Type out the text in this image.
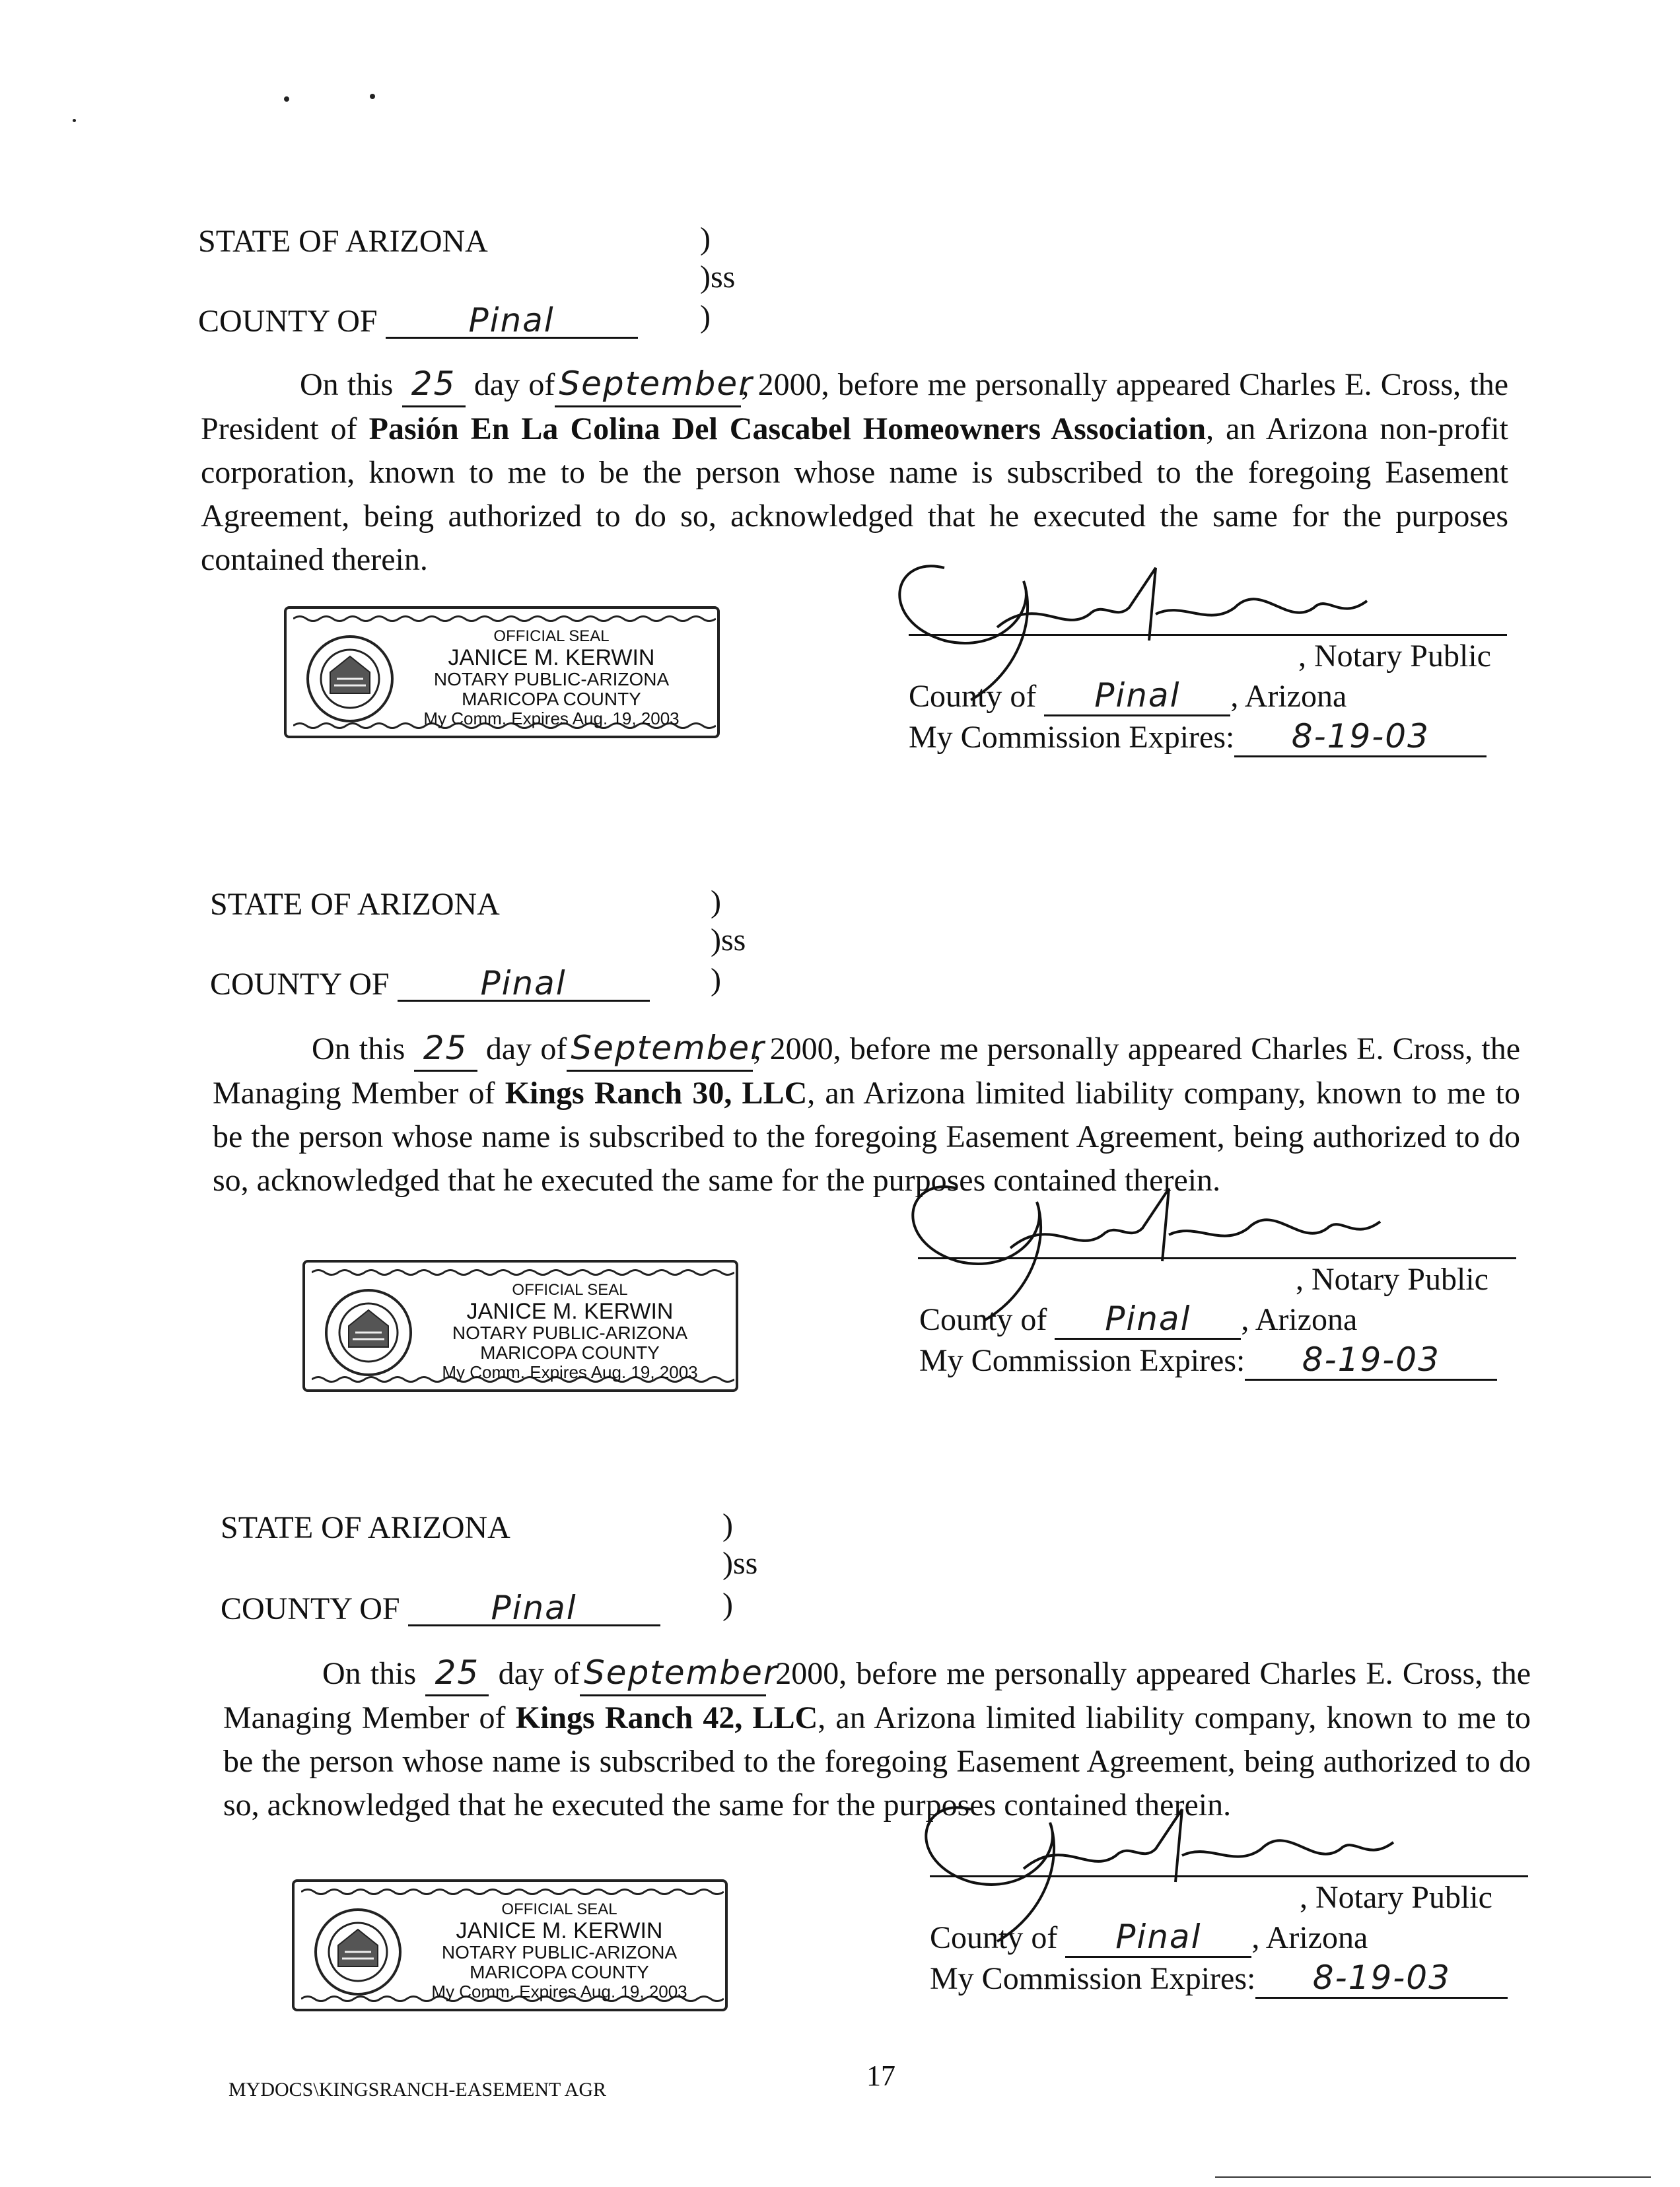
STATE OF ARIZONA	)
)ss
COUNTY OF	Pinal	)
On this 25 day of September, 2000, before me personally appeared Charles E. Cross, the President of Pasión En La Colina Del Cascabel Homeowners Association, an Arizona non-profit corporation, known to me to be the person whose name is subscribed to the foregoing Easement Agreement, being authorized to do so, acknowledged that he executed the same for the purposes contained therein.
OFFICIAL SEAL
JANICE M. KERWIN
NOTARY PUBLIC-ARIZONA
MARICOPA COUNTY
My Comm. Expires Aug. 19, 2003
, Notary Public
County of Pinal , Arizona
My Commission Expires: 8-19-03
STATE OF ARIZONA	)
)ss
COUNTY OF	Pinal	)
On this 25 day of September, 2000, before me personally appeared Charles E. Cross, the Managing Member of Kings Ranch 30, LLC, an Arizona limited liability company, known to me to be the person whose name is subscribed to the foregoing Easement Agreement, being authorized to do so, acknowledged that he executed the same for the purposes contained therein.
OFFICIAL SEAL
JANICE M. KERWIN
NOTARY PUBLIC-ARIZONA
MARICOPA COUNTY
My Comm. Expires Aug. 19, 2003
, Notary Public
County of Pinal , Arizona
My Commission Expires: 8-19-03
STATE OF ARIZONA	)
)ss
COUNTY OF	Pinal	)
On this 25 day of September 2000, before me personally appeared Charles E. Cross, the Managing Member of Kings Ranch 42, LLC, an Arizona limited liability company, known to me to be the person whose name is subscribed to the foregoing Easement Agreement, being authorized to do so, acknowledged that he executed the same for the purposes contained therein.
OFFICIAL SEAL
JANICE M. KERWIN
NOTARY PUBLIC-ARIZONA
MARICOPA COUNTY
My Comm. Expires Aug. 19, 2003
, Notary Public
County of Pinal , Arizona
My Commission Expires: 8-19-03
MYDOCS\KINGSRANCH-EASEMENT AGR	17
